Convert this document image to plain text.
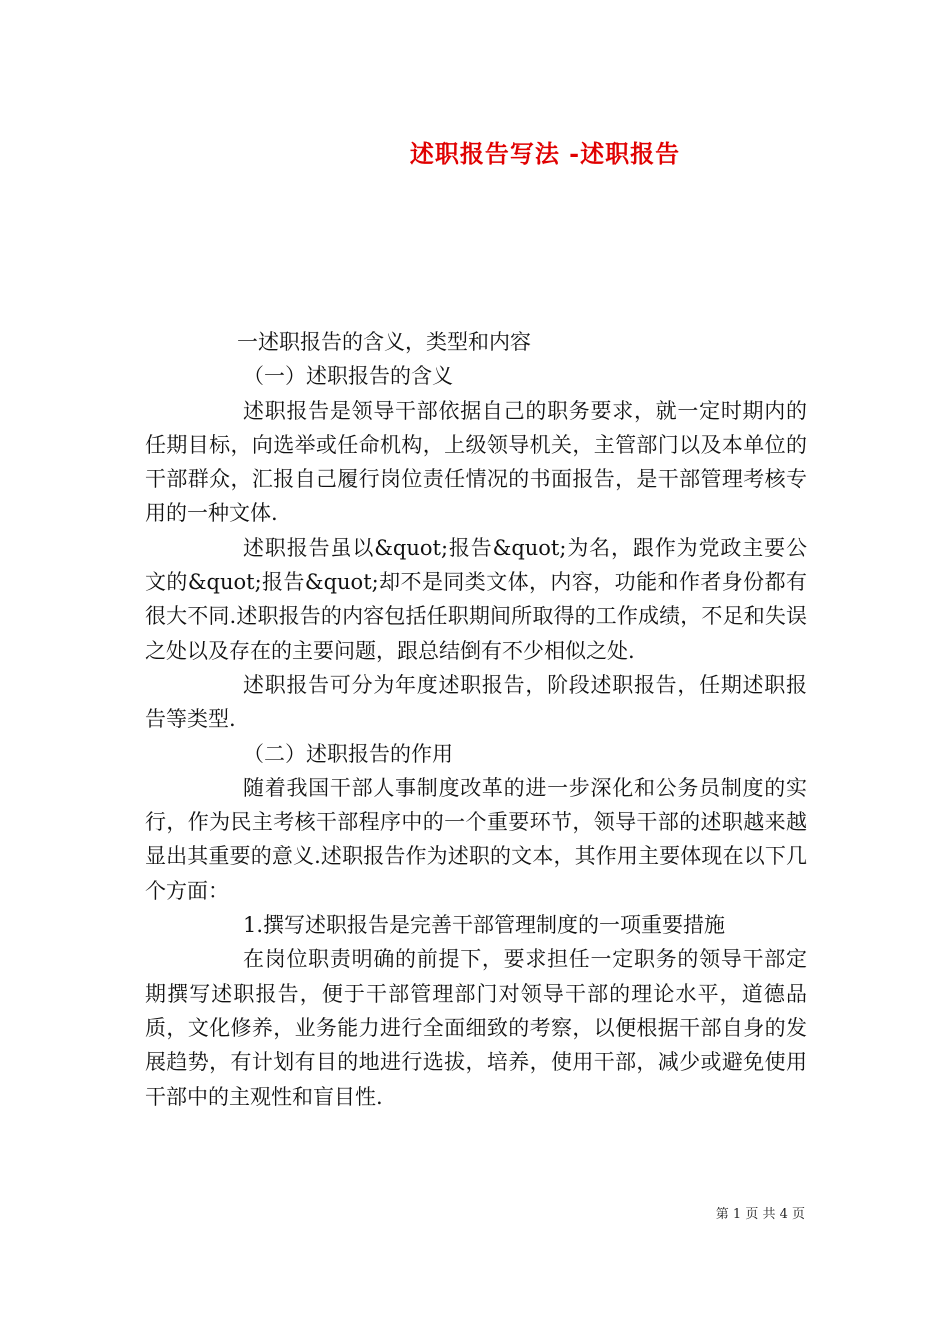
述职报告写法 -述职报告

一述职报告的含义，类型和内容

（一）述职报告的含义

述职报告是领导干部依据自己的职务要求，就一定时期内的任期目标，向选举或任命机构，上级领导机关，主管部门以及本单位的干部群众，汇报自己履行岗位责任情况的书面报告，是干部管理考核专用的一种文体.

述职报告虽以&quot;报告&quot;为名，跟作为党政主要公文的&quot;报告&quot;却不是同类文体，内容，功能和作者身份都有很大不同.述职报告的内容包括任职期间所取得的工作成绩，不足和失误之处以及存在的主要问题，跟总结倒有不少相似之处.

述职报告可分为年度述职报告，阶段述职报告，任期述职报告等类型.

（二）述职报告的作用

随着我国干部人事制度改革的进一步深化和公务员制度的实行，作为民主考核干部程序中的一个重要环节，领导干部的述职越来越显出其重要的意义.述职报告作为述职的文本，其作用主要体现在以下几个方面：

1.撰写述职报告是完善干部管理制度的一项重要措施

在岗位职责明确的前提下，要求担任一定职务的领导干部定期撰写述职报告，便于干部管理部门对领导干部的理论水平，道德品质，文化修养，业务能力进行全面细致的考察，以便根据干部自身的发展趋势，有计划有目的地进行选拔，培养，使用干部，减少或避免使用干部中的主观性和盲目性.

第 1 页 共 4 页
